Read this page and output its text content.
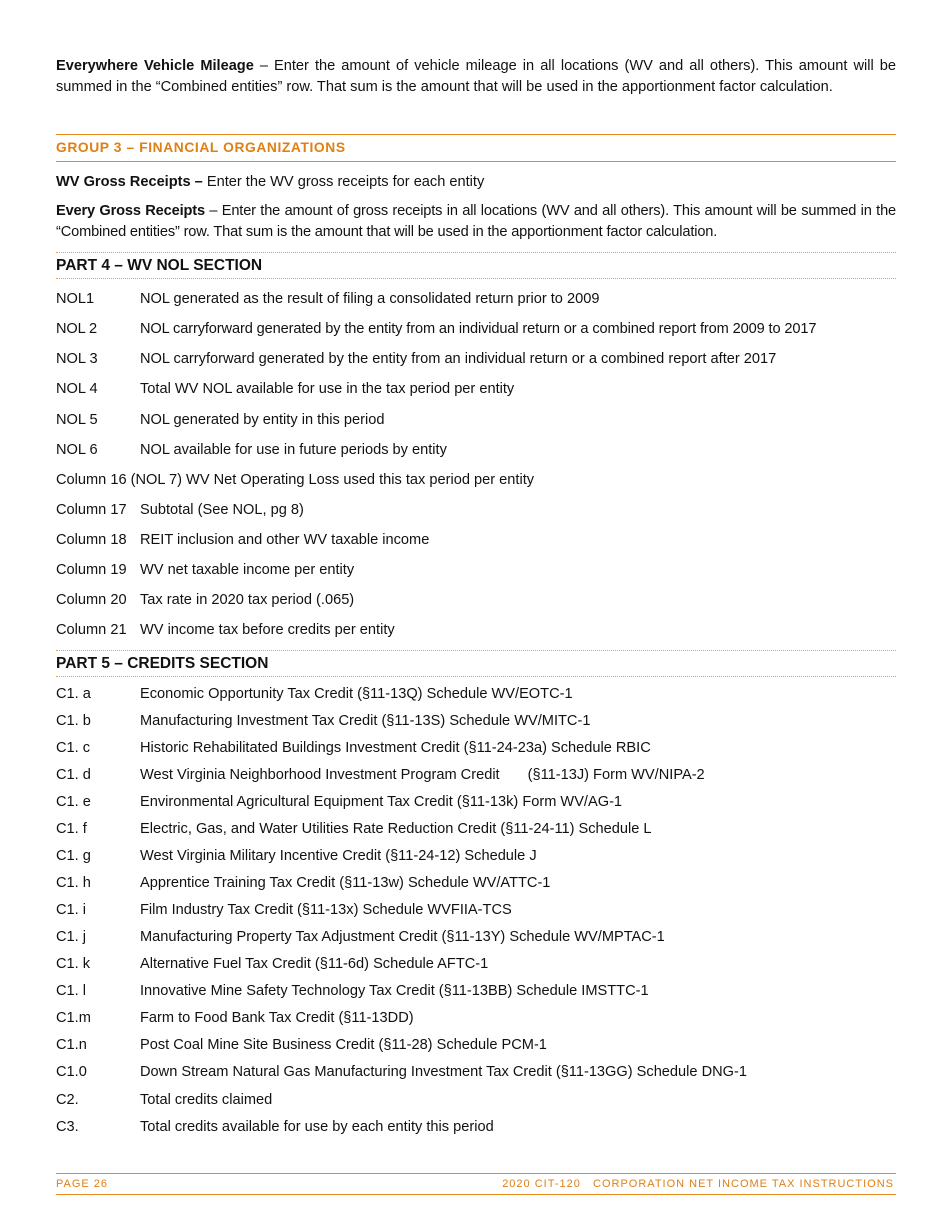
Everywhere Vehicle Mileage – Enter the amount of vehicle mileage in all locations (WV and all others). This amount will be summed in the “Combined entities” row. That sum is the amount that will be used in the apportionment factor calculation.

GROUP 3 – FINANCIAL ORGANIZATIONS

WV Gross Receipts – Enter the WV gross receipts for each entity

Every Gross Receipts – Enter the amount of gross receipts in all locations (WV and all others). This amount will be summed in the “Combined entities” row. That sum is the amount that will be used in the apportionment factor calculation.

PART 4 – WV NOL SECTION
NOL1	NOL generated as the result of filing a consolidated return prior to 2009
NOL 2	NOL carryforward generated by the entity from an individual return or a combined report from 2009 to 2017
NOL 3	NOL carryforward generated by the entity from an individual return or a combined report after 2017
NOL 4	Total WV NOL available for use in the tax period per entity
NOL 5	NOL generated by entity in this period
NOL 6	NOL available for use in future periods by entity
Column 16 (NOL 7) WV Net Operating Loss used this tax period per entity
Column 17 Subtotal (See NOL, pg 8)
Column 18 REIT inclusion and other WV taxable income
Column 19 WV net taxable income per entity
Column 20 Tax rate in 2020 tax period (.065)
Column 21 WV income tax before credits per entity
PART 5 – CREDITS SECTION
C1. a	Economic Opportunity Tax Credit (§11-13Q) Schedule WV/EOTC-1
C1. b	Manufacturing Investment Tax Credit (§11-13S) Schedule WV/MITC-1
C1. c	Historic Rehabilitated Buildings Investment Credit (§11-24-23a) Schedule RBIC
C1. d	West Virginia Neighborhood Investment Program Credit (§11-13J) Form WV/NIPA-2
C1. e	Environmental Agricultural Equipment Tax Credit (§11-13k) Form WV/AG-1
C1. f	Electric, Gas, and Water Utilities Rate Reduction Credit (§11-24-11) Schedule L
C1. g	West Virginia Military Incentive Credit (§11-24-12) Schedule J
C1. h	Apprentice Training Tax Credit (§11-13w) Schedule WV/ATTC-1
C1. i	Film Industry Tax Credit (§11-13x) Schedule WVFIIA-TCS
C1. j	Manufacturing Property Tax Adjustment Credit (§11-13Y) Schedule WV/MPTAC-1
C1. k	Alternative Fuel Tax Credit (§11-6d) Schedule AFTC-1
C1. l	Innovative Mine Safety Technology Tax Credit (§11-13BB) Schedule IMSTTC-1
C1.m	Farm to Food Bank Tax Credit (§11-13DD)
C1.n	Post Coal Mine Site Business Credit (§11-28) Schedule PCM-1
C1.0	Down Stream Natural Gas Manufacturing Investment Tax Credit (§11-13GG) Schedule DNG-1
C2.	Total credits claimed
C3.	Total credits available for use by each entity this period
PAGE 26	2020 CIT-120   CORPORATION NET INCOME TAX INSTRUCTIONS
